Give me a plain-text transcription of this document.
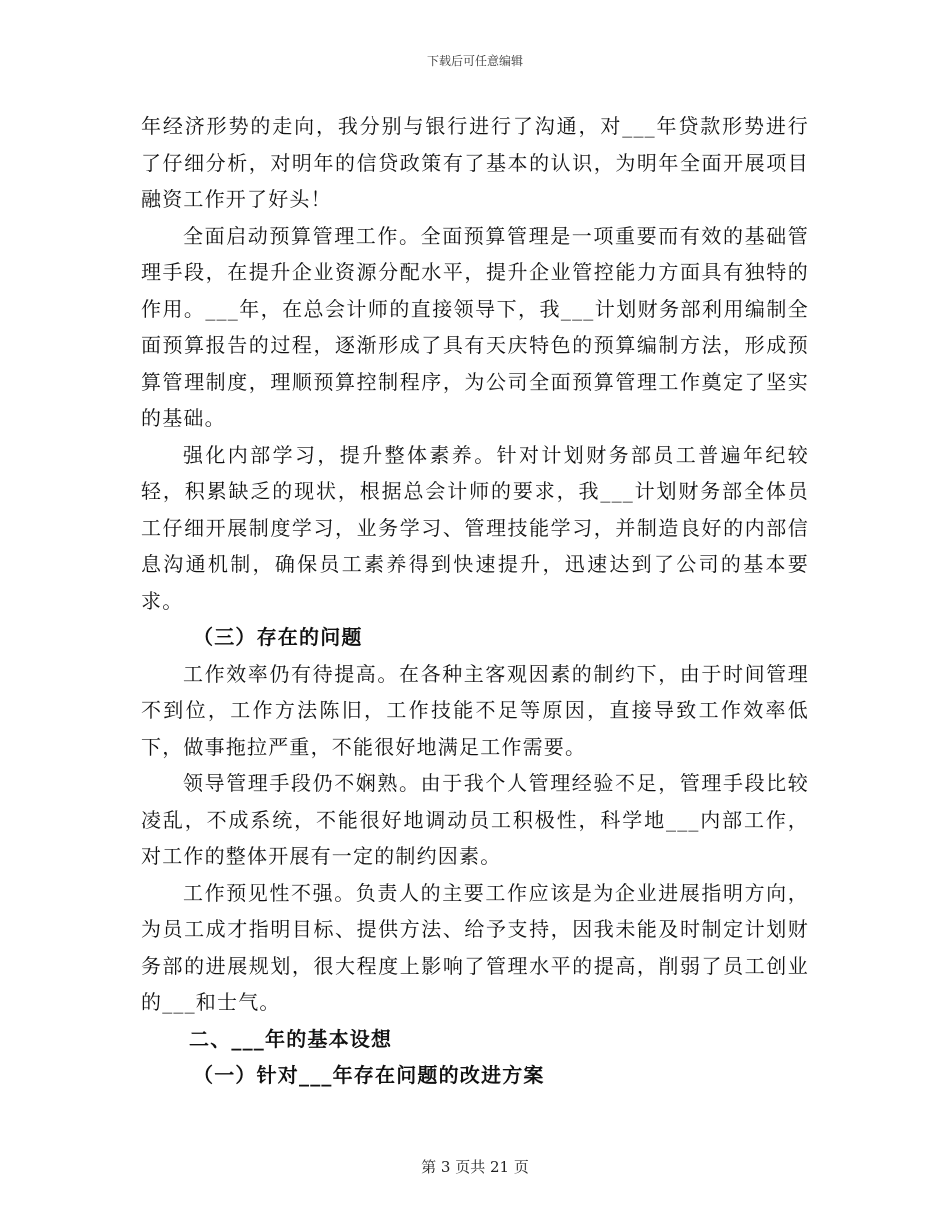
下载后可任意编辑

年经济形势的走向，我分别与银行进行了沟通，对___年贷款形势进行了仔细分析，对明年的信贷政策有了基本的认识，为明年全面开展项目融资工作开了好头！

全面启动预算管理工作。全面预算管理是一项重要而有效的基础管理手段，在提升企业资源分配水平，提升企业管控能力方面具有独特的作用。___年，在总会计师的直接领导下，我___计划财务部利用编制全面预算报告的过程，逐渐形成了具有天庆特色的预算编制方法，形成预算管理制度，理顺预算控制程序，为公司全面预算管理工作奠定了坚实的基础。

强化内部学习，提升整体素养。针对计划财务部员工普遍年纪较轻，积累缺乏的现状，根据总会计师的要求，我___计划财务部全体员工仔细开展制度学习，业务学习、管理技能学习，并制造良好的内部信息沟通机制，确保员工素养得到快速提升，迅速达到了公司的基本要求。

（三）存在的问题

工作效率仍有待提高。在各种主客观因素的制约下，由于时间管理不到位，工作方法陈旧，工作技能不足等原因，直接导致工作效率低下，做事拖拉严重，不能很好地满足工作需要。

领导管理手段仍不娴熟。由于我个人管理经验不足，管理手段比较凌乱，不成系统，不能很好地调动员工积极性，科学地___内部工作，对工作的整体开展有一定的制约因素。

工作预见性不强。负责人的主要工作应该是为企业进展指明方向，为员工成才指明目标、提供方法、给予支持，因我未能及时制定计划财务部的进展规划，很大程度上影响了管理水平的提高，削弱了员工创业的___和士气。

二、___年的基本设想

（一）针对___年存在问题的改进方案

第 3 页共 21 页
